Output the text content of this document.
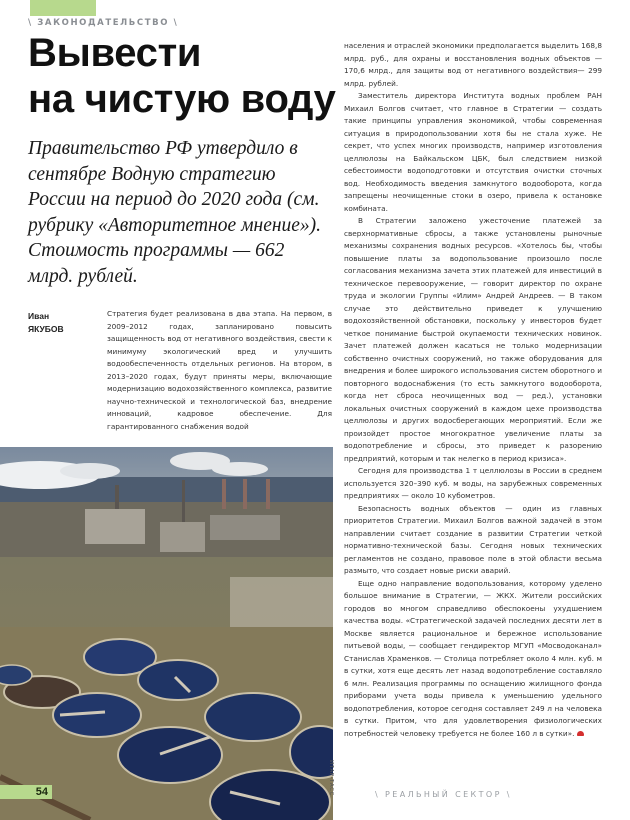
\ ЗАКОНОДАТЕЛЬСТВО \
Вывести
на чистую воду
Правительство РФ утвердило в сентябре Водную стратегию России на период до 2020 года (см. рубрику «Авторитетное мнение»). Стоимость программы — 662 млрд. рублей.
Иван
ЯКУБОВ

Стратегия будет реализована в два этапа. На первом, в 2009–2012 годах, запланировано повысить защищенность вод от негативного воздействия, свести к минимуму экологический вред и улучшить водообеспеченность отдельных регионов. На втором, в 2013–2020 годах, будут приняты меры, включающие модернизацию водохозяйственного комплекса, развитие научно-технической и технологической баз, внедрение инноваций, кадровое обеспечение. Для гарантированного снабжения водой

населения и отраслей экономики предполагается выделить 168,8 млрд. руб., для охраны и восстановления водных объектов — 170,6 млрд., для защиты вод от негативного воздействия— 299 млрд. рублей.

Заместитель директора Института водных проблем РАН Михаил Болгов считает, что главное в Стратегии — создать такие принципы управления экономикой, чтобы современная ситуация в природопользовании хотя бы не стала хуже. Не секрет, что успех многих производств, например изготовления целлюлозы на Байкальском ЦБК, был следствием низкой себестоимости водоподготовки и отсутствия очистки сточных вод. Необходимость введения замкнутого водооборота, когда запрещены неочищенные стоки в озеро, привела к остановке комбината.

В Стратегии заложено ужесточение платежей за сверхнормативные сбросы, а также установлены рыночные механизмы сохранения водных ресурсов. «Хотелось бы, чтобы повышение платы за водопользование произошло после согласования механизма зачета этих платежей для инвестиций в техническое перевооружение, — говорит директор по охране труда и экологии Группы «Илим» Андрей Андреев. — В таком случае это действительно приведет к улучшению водохозяйственной обстановки, поскольку у инвесторов будет четкое понимание быстрой окупаемости технических новинок. Зачет платежей должен касаться не только модернизации собственно очистных сооружений, но также оборудования для внедрения и более широкого использования систем оборотного и повторного водоснабжения (то есть замкнутого водооборота, когда нет сброса неочищенных вод — ред.), установки локальных очистных сооружений в каждом цехе производства целлюлозы и других водосберегающих мероприятий. Если же произойдет простое многократное увеличение платы за водопотребление и сбросы, это приведет к разорению предприятий, которым и так нелегко в период кризиса».

Сегодня для производства 1 т целлюлозы в России в среднем используется 320–390 куб. м воды, на зарубежных современных предприятиях — около 10 кубометров.

Безопасность водных объектов — один из главных приоритетов Стратегии. Михаил Болгов важной задачей в этом направлении считает создание в развитии Стратегии четкой нормативно-технической базы. Сегодня новых технических регламентов не создано, правовое поле в этой области весьма размыто, что создает новые риски аварий.

Еще одно направление водопользования, которому уделено большое внимание в Стратегии, — ЖКХ. Жители российских городов во многом справедливо обеспокоены ухудшением качества воды. «Стратегической задачей последних десяти лет в Москве является рациональное и бережное использование питьевой воды, — сообщает гендиректор МГУП «Мосводоканал» Станислав Храменков. — Столица потребляет около 4 млн. куб. м в сутки, хотя еще десять лет назад водопотребление составляло 6 млн. Реализация программы по оснащению жилищного фонда приборами учета воды привела к уменьшению удельного водопотребления, которое сегодня составляет 249 л на человека в сутки. Притом, что для удовлетворения физиологических потребностей человеку требуется не более 160 л в сутки».

ИТАР-ТАСС
54	\ РЕАЛЬНЫЙ СЕКТОР \
